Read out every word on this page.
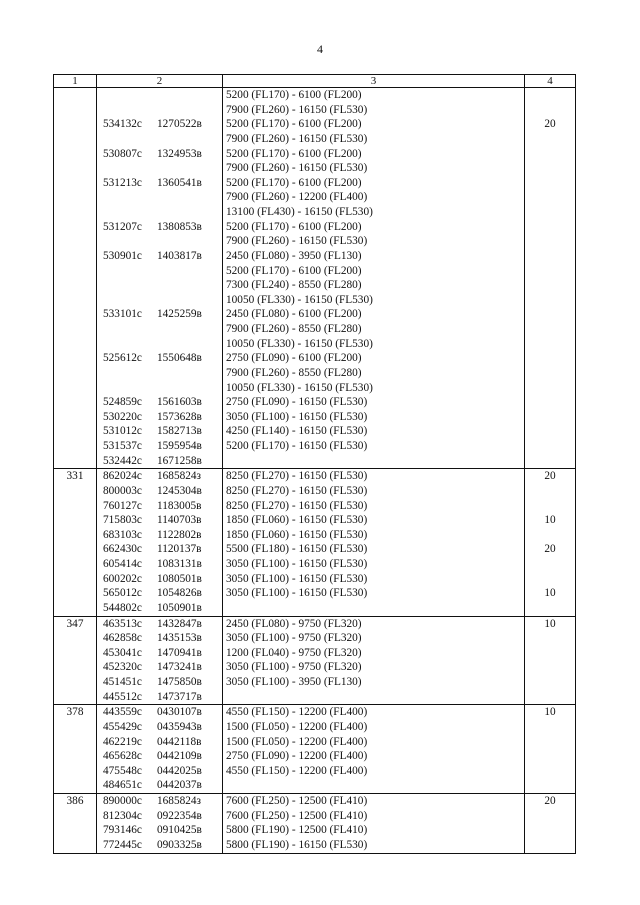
4
1	2	3	4
		5200 (FL170) - 6100 (FL200)	
		7900 (FL260) - 16150 (FL530)	
	534132с 1270522в	5200 (FL170) - 6100 (FL200)	20
		7900 (FL260) - 16150 (FL530)	
	530807с 1324953в	5200 (FL170) - 6100 (FL200)	
		7900 (FL260) - 16150 (FL530)	
	531213с 1360541в	5200 (FL170) - 6100 (FL200)	
		7900 (FL260) - 12200 (FL400)	
		13100 (FL430) - 16150 (FL530)	
	531207с 1380853в	5200 (FL170) - 6100 (FL200)	
		7900 (FL260) - 16150 (FL530)	
	530901с 1403817в	2450 (FL080) - 3950 (FL130)	
		5200 (FL170) - 6100 (FL200)	
		7300 (FL240) - 8550 (FL280)	
		10050 (FL330) - 16150 (FL530)	
	533101с 1425259в	2450 (FL080) - 6100 (FL200)	
		7900 (FL260) - 8550 (FL280)	
		10050 (FL330) - 16150 (FL530)	
	525612с 1550648в	2750 (FL090) - 6100 (FL200)	
		7900 (FL260) - 8550 (FL280)	
		10050 (FL330) - 16150 (FL530)	
	524859с 1561603в	2750 (FL090) - 16150 (FL530)	
	530220с 1573628в	3050 (FL100) - 16150 (FL530)	
	531012с 1582713в	4250 (FL140) - 16150 (FL530)	
	531537с 1595954в	5200 (FL170) - 16150 (FL530)	
	532442с 1671258в		
331	862024с 1685824з	8250 (FL270) - 16150 (FL530)	20
	800003с 1245304в	8250 (FL270) - 16150 (FL530)	
	760127с 1183005в	8250 (FL270) - 16150 (FL530)	
	715803с 1140703в	1850 (FL060) - 16150 (FL530)	10
	683103с 1122802в	1850 (FL060) - 16150 (FL530)	
	662430с 1120137в	5500 (FL180) - 16150 (FL530)	20
	605414с 1083131в	3050 (FL100) - 16150 (FL530)	
	600202с 1080501в	3050 (FL100) - 16150 (FL530)	
	565012с 1054826в	3050 (FL100) - 16150 (FL530)	10
	544802с 1050901в		
347	463513с 1432847в	2450 (FL080) - 9750 (FL320)	10
	462858с 1435153в	3050 (FL100) - 9750 (FL320)	
	453041с 1470941в	1200 (FL040) - 9750 (FL320)	
	452320с 1473241в	3050 (FL100) - 9750 (FL320)	
	451451с 1475850в	3050 (FL100) - 3950 (FL130)	
	445512с 1473717в		
378	443559с 0430107в	4550 (FL150) - 12200 (FL400)	10
	455429с 0435943в	1500 (FL050) - 12200 (FL400)	
	462219с 0442118в	1500 (FL050) - 12200 (FL400)	
	465628с 0442109в	2750 (FL090) - 12200 (FL400)	
	475548с 0442025в	4550 (FL150) - 12200 (FL400)	
	484651с 0442037в		
386	890000с 1685824з	7600 (FL250) - 12500 (FL410)	20
	812304с 0922354в	7600 (FL250) - 12500 (FL410)	
	793146с 0910425в	5800 (FL190) - 12500 (FL410)	
	772445с 0903325в	5800 (FL190) - 16150 (FL530)	
